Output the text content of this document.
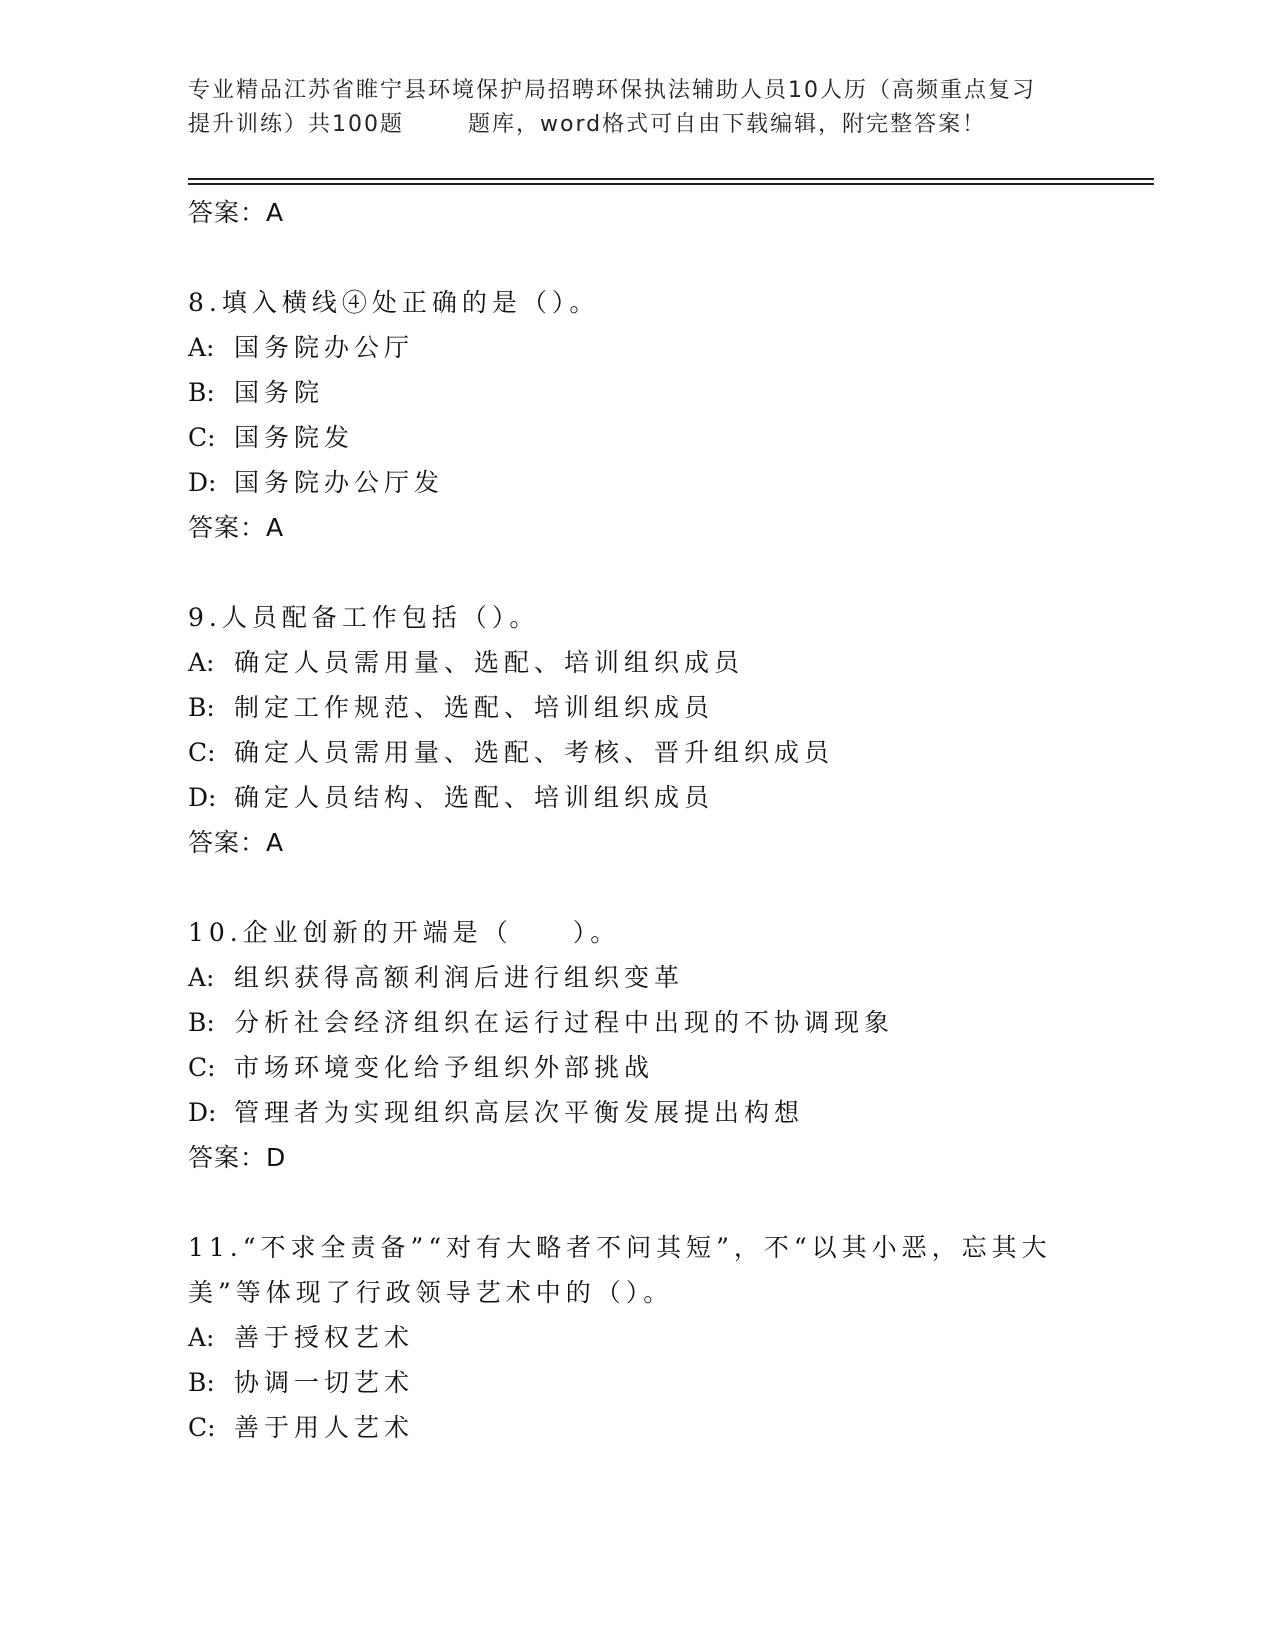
专业精品江苏省睢宁县环境保护局招聘环保执法辅助人员10人历（高频重点复习
提升训练）共100题	题库，word格式可自由下载编辑，附完整答案！
答案：A
8.填入横线④处正确的是（）。
A: 国务院办公厅
B: 国务院
C: 国务院发
D: 国务院办公厅发
答案：A
9.人员配备工作包括（）。
A: 确定人员需用量、选配、培训组织成员
B: 制定工作规范、选配、培训组织成员
C: 确定人员需用量、选配、考核、晋升组织成员
D: 确定人员结构、选配、培训组织成员
答案：A
10.企业创新的开端是（　　）。
A: 组织获得高额利润后进行组织变革
B: 分析社会经济组织在运行过程中出现的不协调现象
C: 市场环境变化给予组织外部挑战
D: 管理者为实现组织高层次平衡发展提出构想
答案：D
11.“不求全责备”“对有大略者不问其短”，不“以其小恶，忘其大美”等体现了行政领导艺术中的（）。
A: 善于授权艺术
B: 协调一切艺术
C: 善于用人艺术
